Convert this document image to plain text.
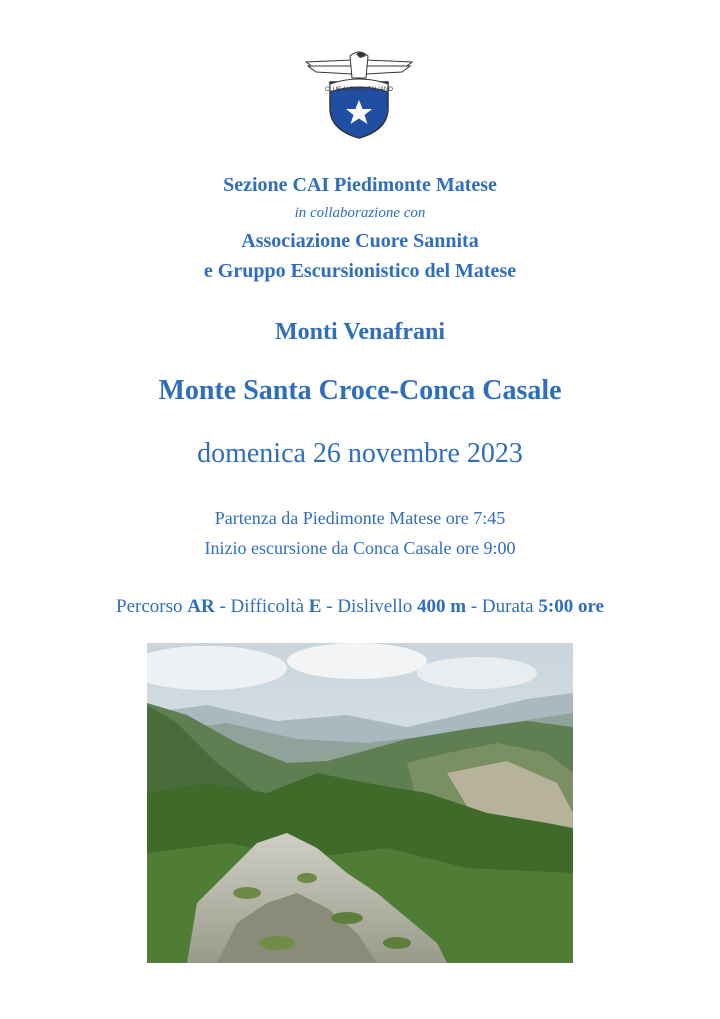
CLUB ALPINO ITALIANO
Sezione CAI Piedimonte Matese
in collaborazione con
Associazione Cuore Sannita
e Gruppo Escursionistico del Matese
Monti Venafrani
Monte Santa Croce-Conca Casale
domenica 26 novembre 2023
Partenza da Piedimonte Matese ore 7:45
Inizio escursione da Conca Casale ore 9:00
Percorso AR - Difficoltà E - Dislivello 400 m - Durata 5:00 ore
